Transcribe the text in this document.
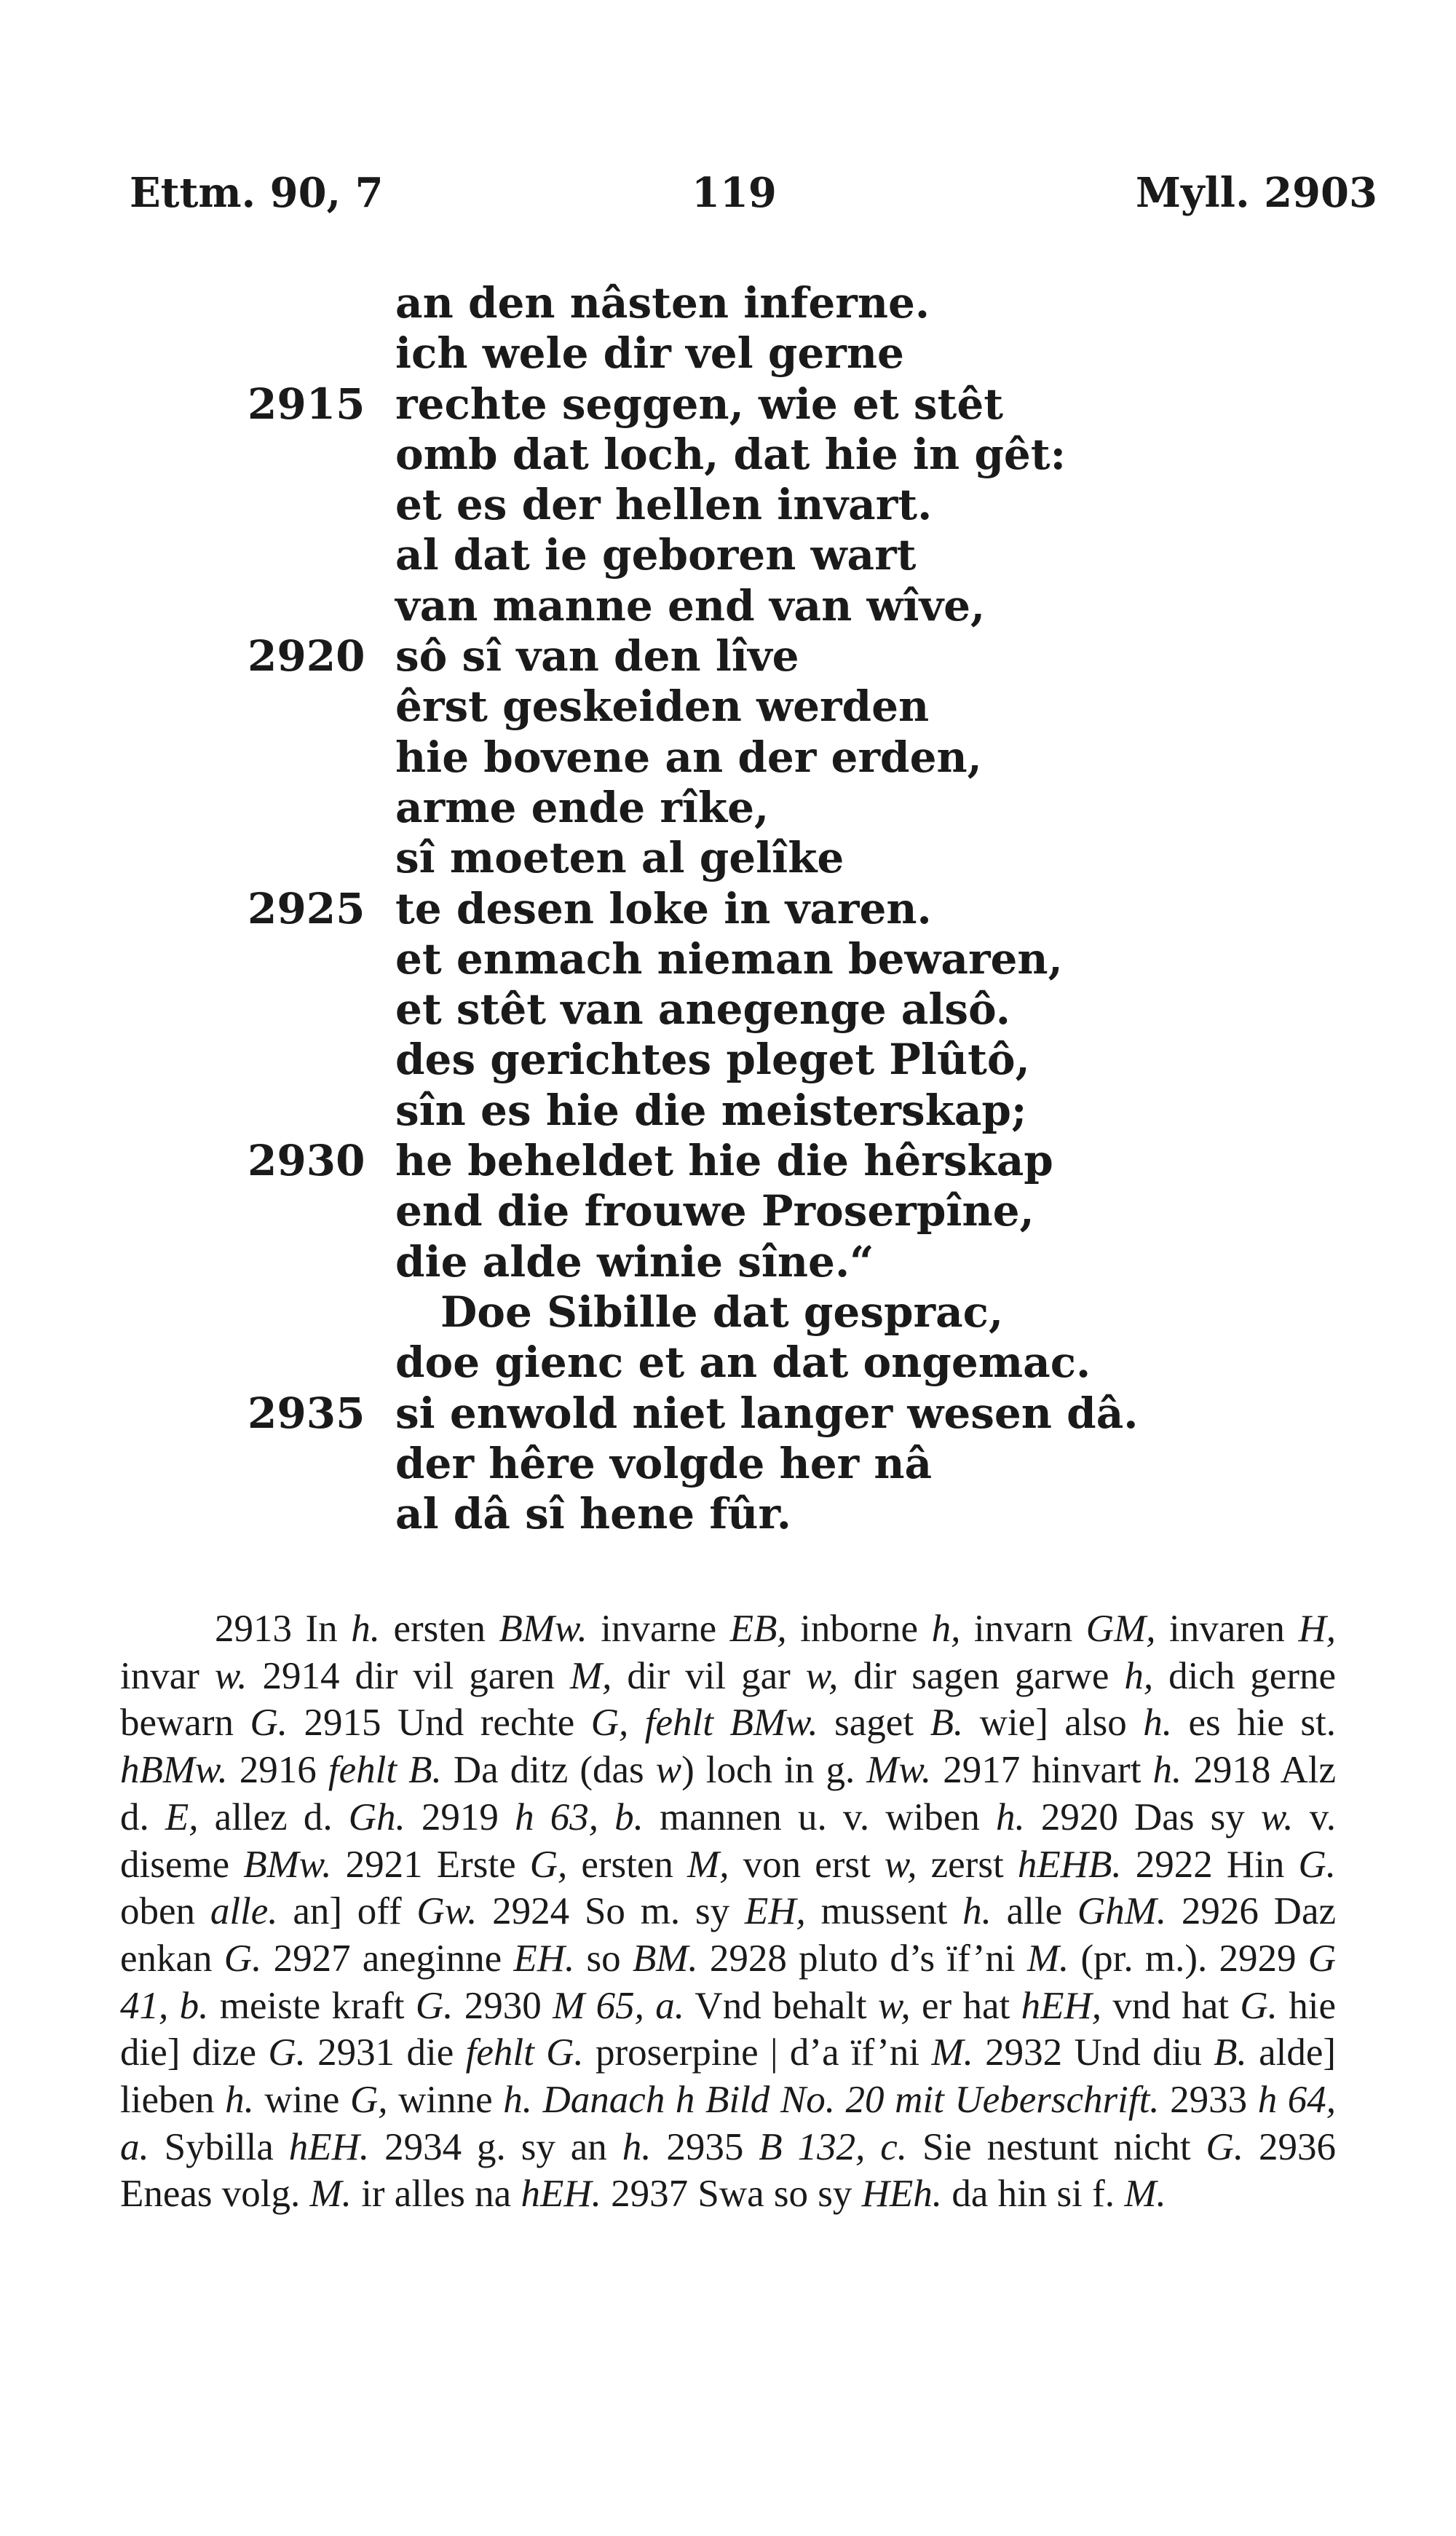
Ettm. 90, 7	119	Myll. 2903
an den nâsten inferne.
ich wele dir vel gerne
2915 rechte seggen, wie et stêt
omb dat loch, dat hie in gêt:
et es der hellen invart.
al dat ie geboren wart
van manne end van wîve,
2920 sô sî van den lîve
êrst geskeiden werden
hie bovene an der erden,
arme ende rîke,
sî moeten al gelîke
2925 te desen loke in varen.
et enmach nieman bewaren,
et stêt van anegenge alsô.
des gerichtes pleget Plûtô,
sîn es hie die meisterskap;
2930 he beheldet hie die hêrskap
end die frouwe Proserpîne,
die alde winie sîne.“
Doe Sibille dat gesprac,
doe gienc et an dat ongemac.
2935 si enwold niet langer wesen dâ.
der hêre volgde her nâ
al dâ sî hene fûr.
2913 In h. ersten BMw. invarne EB, inborne h, invarn GM, invaren H, invar w. 2914 dir vil garen M, dir vil gar w, dir sagen garwe h, dich gerne bewarn G. 2915 Und rechte G, fehlt BMw. saget B. wie] also h. es hie st. hBMw. 2916 fehlt B. Da ditz (das w) loch in g. Mw. 2917 hinvart h. 2918 Alz d. E, allez d. Gh. 2919 h 63, b. mannen u. v. wiben h. 2920 Das sy w. v. diseme BMw. 2921 Erste G, ersten M, von erst w, zerst hEHB. 2922 Hin G. oben alle. an] off Gw. 2924 So m. sy EH, mussent h. alle GhM. 2926 Daz enkan G. 2927 aneginne EH. so BM. 2928 pluto d’s ïf’ni M. (pr. m.). 2929 G 41, b. meiste kraft G. 2930 M 65, a. Vnd behalt w, er hat hEH, vnd hat G. hie die] dize G. 2931 die fehlt G. proserpine | d’a ïf’ni M. 2932 Und diu B. alde] lieben h. wine G, winne h. Danach h Bild No. 20 mit Ueberschrift. 2933 h 64, a. Sybilla hEH. 2934 g. sy an h. 2935 B 132, c. Sie nestunt nicht G. 2936 Eneas volg. M. ir alles na hEH. 2937 Swa so sy HEh. da hin si f. M.
